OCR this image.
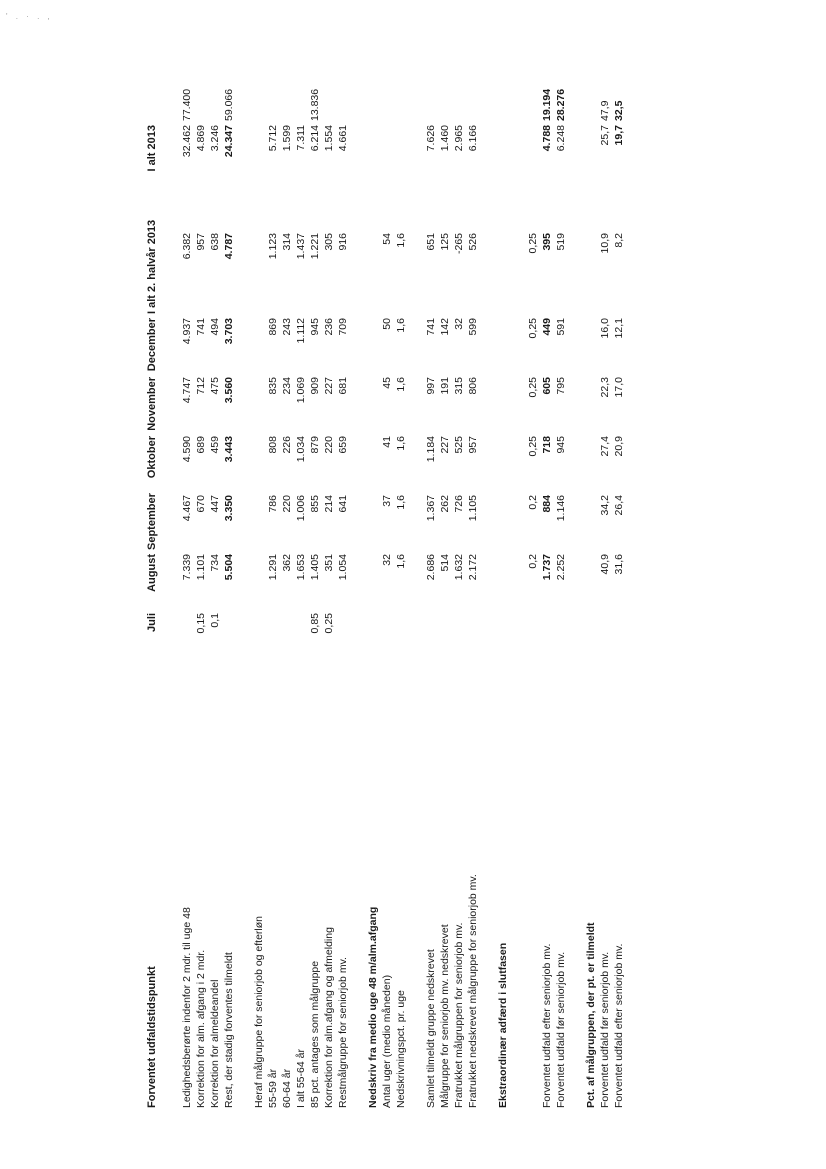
' . · . ,
Forventet udfaldstidspunkt	Juli	August	September	Oktober	November	December	I alt 2. halvår 2013	I alt 2013	

Ledighedsberørte indenfor 2 mdr. til uge 48		7.339	4.467	4.590	4.747	4.937	6.382	32.462	77.400
Korrektion for alm. afgang i 2 mdr.	0,15	1.101	670	689	712	741	957	4.869	
Korrektion for almeldeandel	0,1	734	447	459	475	494	638	3.246	
Rest, der stadig forventes tilmeldt		5.504	3.350	3.443	3.560	3.703	4.787	24.347	59.066

Heraf målgruppe for seniorjob og efterløn									
55-59 år		1.291	786	808	835	869	1.123	5.712	
60-64 år		362	220	226	234	243	314	1.599	
I alt 55-64 år		1.653	1.006	1.034	1.069	1.112	1.437	7.311	
85 pct. antages som målgruppe	0,85	1.405	855	879	909	945	1.221	6.214	13.836
Korrektion for alm.afgang og afmelding	0,25	351	214	220	227	236	305	1.554	
Restmålgruppe for seniorjob mv.		1.054	641	659	681	709	916	4.661	

Nedskriv fra medio uge 48 m/alm.afgang									
Antal uger (medio måneden)		32	37	41	45	50	54		
Nedskrivningspct. pr. uge		1,6	1,6	1,6	1,6	1,6	1,6		

Samlet tilmeldt gruppe nedskrevet		2.686	1.367	1.184	997	741	651	7.626	
Målgruppe for seniorjob mv. nedskrevet		514	262	227	191	142	125	1.460	
Fratrukket målgruppen for seniorjob mv.		1.632	726	525	315	32	-265	2.965	
Fratrukket nedskrevet målgruppe for seniorjob mv.		2.172	1.105	957	806	599	526	6.166	

Ekstraordinær adfærd i slutfasen									

		0,2	0,2	0,25	0,25	0,25	0,25		
Forventet udfald efter seniorjob mv.		1.737	884	718	605	449	395	4.788	19.194
Forventet udfald før seniorjob mv.		2.252	1.146	945	795	591	519	6.248	28.276

Pct. af målgruppen, der pt. er tilmeldt									
Forventet udfald før seniorjob mv.		40,9	34,2	27,4	22,3	16,0	10,9	25,7	47,9
Forventet udfald efter seniorjob mv.		31,6	26,4	20,9	17,0	12,1	8,2	19,7	32,5
